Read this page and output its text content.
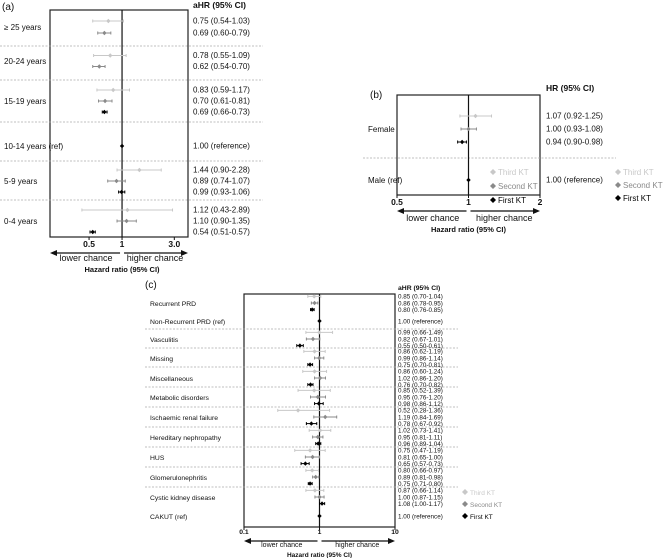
(a)	aHR (95% CI)
0.5	1	3.0
lower chance higher chance
Hazard ratio (95% CI)
≥ 25 years
0.75 (0.54-1.03)
0.69 (0.60-0.79)
20-24 years
0.78 (0.55-1.09)
0.62 (0.54-0.70)
15-19 years
0.83 (0.59-1.17)
0.70 (0.61-0.81)
0.69 (0.66-0.73)
10-14 years (ref)	1.00 (reference)
5-9 years
1.44 (0.90-2.28)
0.89 (0.74-1.07)
0.99 (0.93-1.06)
0-4 years
1.12 (0.43-2.89)
1.10 (0.90-1.35)
0.54 (0.51-0.57)
Third KT
Second KT
First KT
(b)
HR (95% CI)
0.5	1	2
lower chance higher chance
Hazard ratio (95% CI)
Female
1.07 (0.92-1.25)
1.00 (0.93-1.08)
0.94 (0.90-0.98)
Male (ref)	1.00 (reference)
Third KT
Second KT
First KT
(c)	aHR (95% CI)
0.1	1	10
lower chance	higher chance
Hazard ratio (95% CI)
Recurrent PRD
0.85 (0.70-1.04)
0.86 (0.78-0.95)
0.80 (0.76-0.85)
Non-Recurrent PRD (ref)	1.00 (reference)
Vasculitis
0.99 (0.66-1.49)
0.82 (0.67-1.01)
0.55 (0.50-0.61)
Missing
0.86 (0.62-1.19)
0.99 (0.86-1.14)
0.75 (0.70-0.81)
Miscellaneous
0.86 (0.60-1.24)
1.02 (0.86-1.20)
0.76 (0.70-0.82)
Metabolic disorders
0.85 (0.52-1.39)
0.95 (0.76-1.20)
0.98 (0.86-1.12)
Ischaemic renal failure
0.52 (0.28-1.36)
1.19 (0.84-1.69)
0.78 (0.67-0.92)
Hereditary nephropathy
1.02 (0.73-1.41)
0.95 (0.81-1.11)
0.96 (0.89-1.04)
HUS
0.75 (0.47-1.19)
0.81 (0.65-1.00)
0.65 (0.57-0.73)
Glomerulonephritis
0.80 (0.66-0.97)
0.89 (0.81-0.98)
0.75 (0.71-0.80)
Cystic kidney disease
0.87 (0.66-1.14)
1.00 (0.87-1.15)
1.08 (1.00-1.17)
CAKUT (ref)	1.00 (reference)
Third KT
Second KT
First KT
